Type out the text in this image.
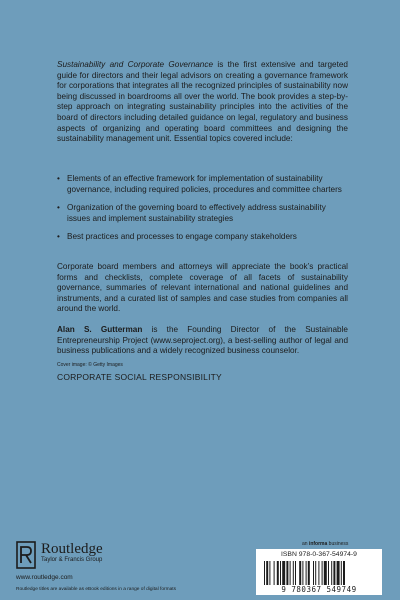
Sustainability and Corporate Governance is the first extensive and targeted guide for directors and their legal advisors on creating a governance framework for corporations that integrates all the recognized principles of sustainability now being discussed in boardrooms all over the world. The book provides a step-by-step approach on integrating sustainability principles into the activities of the board of directors including detailed guidance on legal, regulatory and business aspects of organizing and operating board committees and designing the sustainability management unit. Essential topics covered include:

• Elements of an effective framework for implementation of sustainability governance, including required policies, procedures and committee charters
• Organization of the governing board to effectively address sustainability issues and implement sustainability strategies
• Best practices and processes to engage company stakeholders

Corporate board members and attorneys will appreciate the book’s practical forms and checklists, complete coverage of all facets of sustainability governance, summaries of relevant international and national guidelines and instruments, and a curated list of samples and case studies from companies all around the world.

Alan S. Gutterman is the Founding Director of the Sustainable Entrepreneurship Project (www.seproject.org), a best-selling author of legal and business publications and a widely recognized business counselor.

Cover image: © Getty Images
CORPORATE SOCIAL RESPONSIBILITY
Routledge
Taylor & Francis Group
www.routledge.com
Routledge titles are available as eBook editions in a range of digital formats
an informa business
ISBN 978-0-367-54974-9
9 780367 549749
